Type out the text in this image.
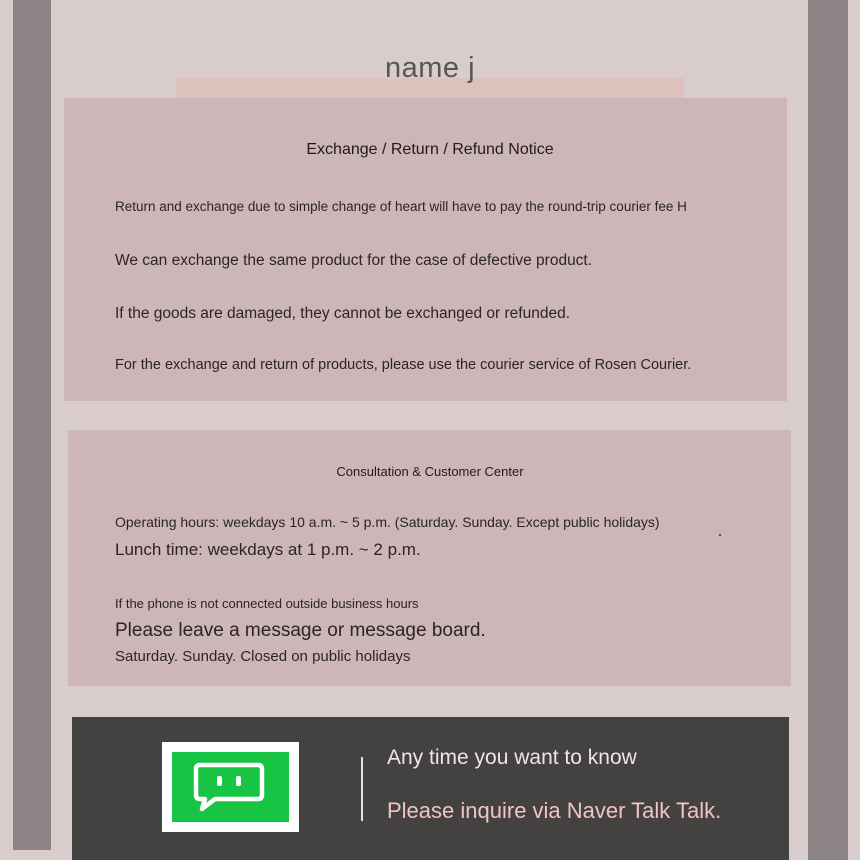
name j
Exchange / Return / Refund Notice
Return and exchange due to simple change of heart will have to pay the round-trip courier fee H
We can exchange the same product for the case of defective product.
If the goods are damaged, they cannot be exchanged or refunded.
For the exchange and return of products, please use the courier service of Rosen Courier.
Consultation & Customer Center
Operating hours: weekdays 10 a.m. ~ 5 p.m. (Saturday. Sunday. Except public holidays)
Lunch time: weekdays at 1 p.m. ~ 2 p.m.
If the phone is not connected outside business hours
Please leave a message or message board.
Saturday. Sunday. Closed on public holidays
Any time you want to know
Please inquire via Naver Talk Talk.
